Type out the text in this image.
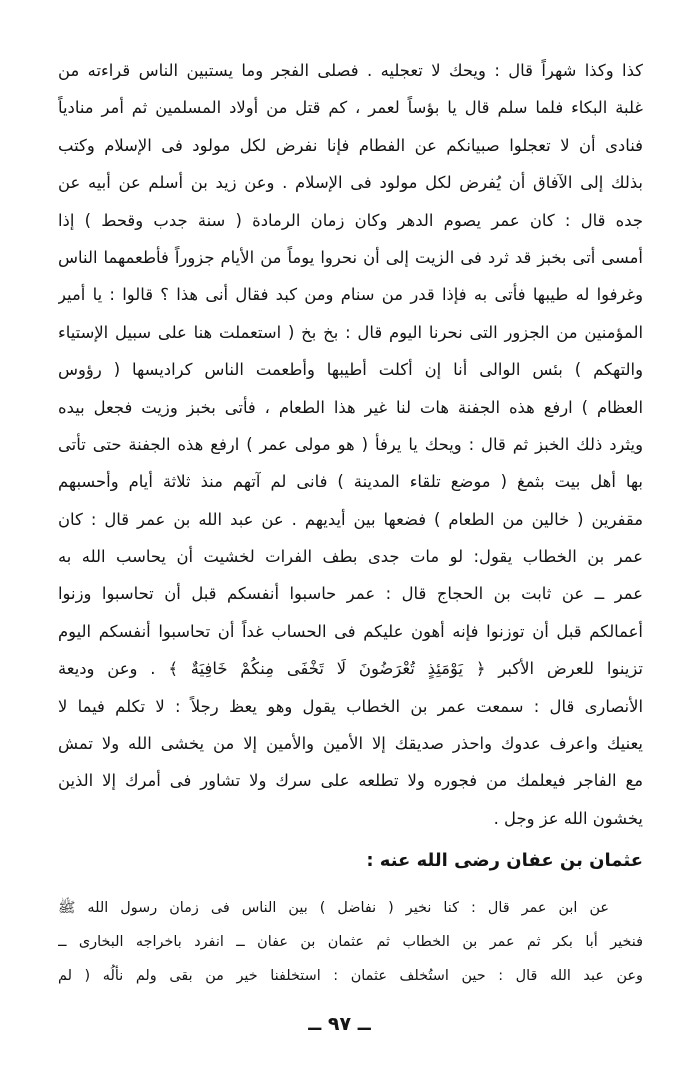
كذا وكذا شهراً قال : ويحك لا تعجليه . فصلى الفجر وما يستبين الناس قراءته من
غلبة البكاء فلما سلم قال يا بؤساً لعمر ، كم قتل من أولاد المسلمين ثم أمر منادياً
فنادى أن لا تعجلوا صبيانكم عن الفطام فإنا نفرض لكل مولود فى الإسلام وكتب
بذلك إلى الآفاق أن يُفرض لكل مولود فى الإسلام . وعن زيد بن أسلم عن أبيه عن
جده قال : كان عمر يصوم الدهر وكان زمان الرمادة ( سنة جدب وقحط ) إذا
أمسى أتى بخبز قد ثرد فى الزيت إلى أن نحروا يوماً من الأيام جزوراً فأطعمهما الناس
وغرفوا له طيبها فأتى به فإذا قدر من سنام ومن كبد فقال أنى هذا ؟ قالوا : يا أمير
المؤمنين من الجزور التى نحرنا اليوم قال : بخ بخ ( استعملت هنا على سبيل الإستياء
والتهكم ) بئس الوالى أنا إن أكلت أطيبها وأطعمت الناس كراديسها ( رؤوس
العظام ) ارفع هذه الجفنة هات لنا غير هذا الطعام ، فأتى بخبز وزيت فجعل بيده
ويثرد ذلك الخبز ثم قال : ويحك يا يرفأ ( هو مولى عمر ) ارفع هذه الجفنة حتى تأتى
بها أهل بيت بثمغ ( موضع تلقاء المدينة ) فانى لم آتهم منذ ثلاثة أيام وأحسبهم
مقفرين ( خالين من الطعام ) فضعها بين أيديهم . عن عبد الله بن عمر قال : كان
عمر بن الخطاب يقول: لو مات جدى بطف الفرات لخشيت أن يحاسب الله به
عمر ــ عن ثابت بن الحجاج قال : عمر حاسبوا أنفسكم قبل أن تحاسبوا وزنوا
أعمالكم قبل أن توزنوا فإنه أهون عليكم فى الحساب غداً أن تحاسبوا أنفسكم اليوم
تزينوا للعرض الأكبر ﴿ يَوْمَئِذٍ تُعْرَضُونَ لَا تَخْفَى مِنكُمْ خَافِيَةٌ ﴾ . وعن وديعة
الأنصارى قال : سمعت عمر بن الخطاب يقول وهو يعظ رجلاً : لا تكلم فيما لا
يعنيك واعرف عدوك واحذر صديقك إلا الأمين والأمين إلا من يخشى الله ولا تمش
مع الفاجر فيعلمك من فجوره ولا تطلعه على سرك ولا تشاور فى أمرك إلا الذين
يخشون الله عز وجل .
عثمان بن عفان رضى الله عنه :
عن ابن عمر قال : كنا نخير ( نفاضل ) بين الناس فى زمان رسول الله ﷺ
فنخير أبا بكر ثم عمر بن الخطاب ثم عثمان بن عفان ــ انفرد باخراجه البخارى ــ
وعن عبد الله قال : حين استُخلف عثمان : استخلفنا خير من بقى ولم نألُه ( لم
ــ ٩٧ ــ
